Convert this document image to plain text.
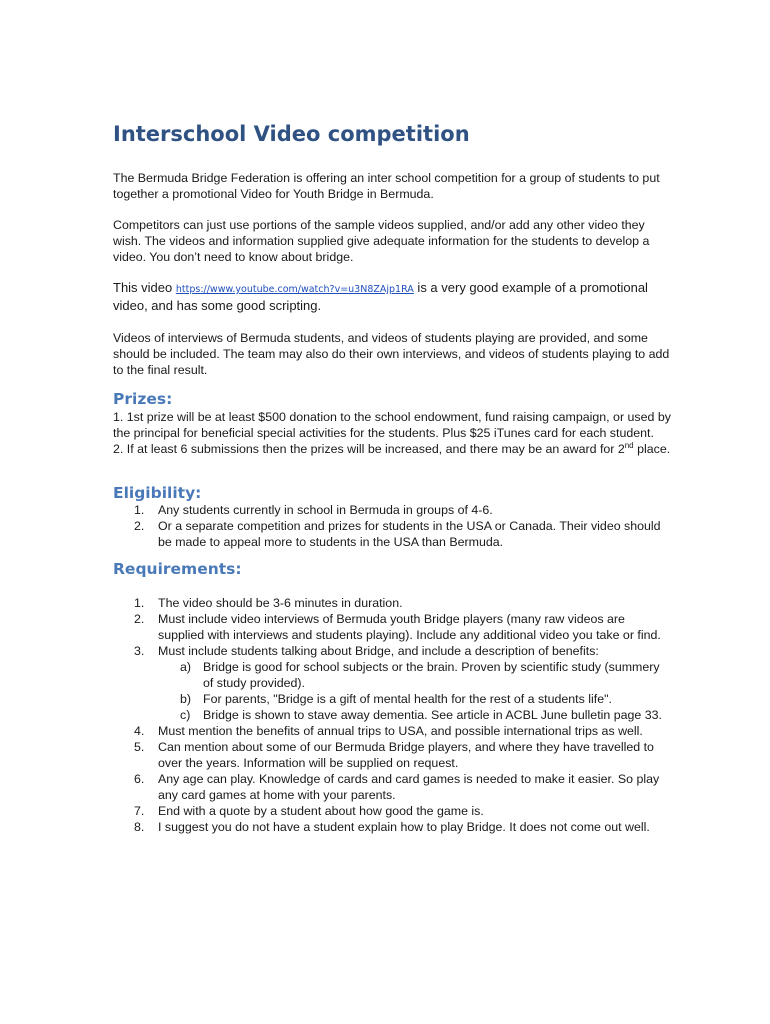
Interschool Video competition

The Bermuda Bridge Federation is offering an inter school competition for a group of students to put together a promotional Video for Youth Bridge in Bermuda.

Competitors can just use portions of the sample videos supplied, and/or add any other video they wish. The videos and information supplied give adequate information for the students to develop a video. You don’t need to know about bridge.

This video https://www.youtube.com/watch?v=u3N8ZAjp1RA is a very good example of a promotional video, and has some good scripting.

Videos of interviews of Bermuda students, and videos of students playing are provided, and some should be included. The team may also do their own interviews, and videos of students playing to add to the final result.

Prizes:
1. 1st prize will be at least $500 donation to the school endowment, fund raising campaign, or used by the principal for beneficial special activities for the students. Plus $25 iTunes card for each student.
2. If at least 6 submissions then the prizes will be increased, and there may be an award for 2nd place.
Eligibility:
1. Any students currently in school in Bermuda in groups of 4-6.
2. Or a separate competition and prizes for students in the USA or Canada. Their video should be made to appeal more to students in the USA than Bermuda.
Requirements:
1. The video should be 3-6 minutes in duration.
2. Must include video interviews of Bermuda youth Bridge players (many raw videos are supplied with interviews and students playing). Include any additional video you take or find.
3. Must include students talking about Bridge, and include a description of benefits:
a) Bridge is good for school subjects or the brain. Proven by scientific study (summery of study provided).
b) For parents, "Bridge is a gift of mental health for the rest of a students life".
c) Bridge is shown to stave away dementia. See article in ACBL June bulletin page 33.
4. Must mention the benefits of annual trips to USA, and possible international trips as well.
5. Can mention about some of our Bermuda Bridge players, and where they have travelled to over the years. Information will be supplied on request.
6. Any age can play. Knowledge of cards and card games is needed to make it easier. So play any card games at home with your parents.
7. End with a quote by a student about how good the game is.
8. I suggest you do not have a student explain how to play Bridge. It does not come out well.
